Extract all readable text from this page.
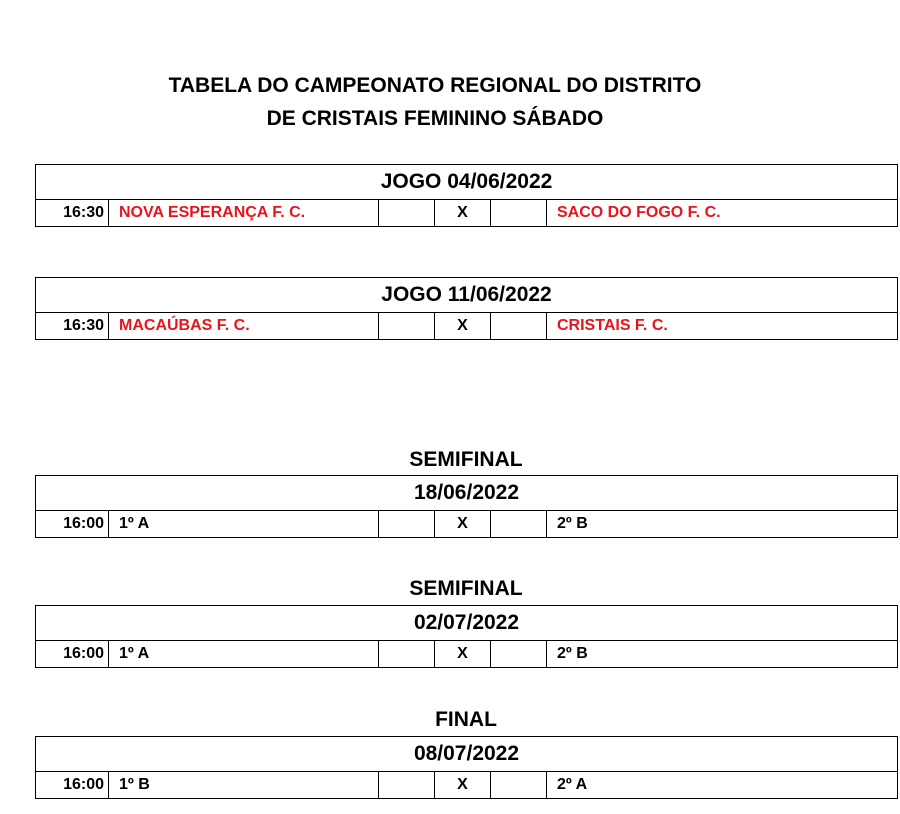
TABELA DO CAMPEONATO REGIONAL DO DISTRITO
DE CRISTAIS FEMININO SÁBADO
JOGO 04/06/2022
16:30 NOVA ESPERANÇA F. C.	X	SACO DO FOGO F. C.
JOGO 11/06/2022
16:30 MACAÚBAS F. C.	X	CRISTAIS F. C.
SEMIFINAL
18/06/2022
16:00 1º A	X	2º B
SEMIFINAL
02/07/2022
16:00 1º A	X	2º B
FINAL
08/07/2022
16:00 1º B	X	2º A
